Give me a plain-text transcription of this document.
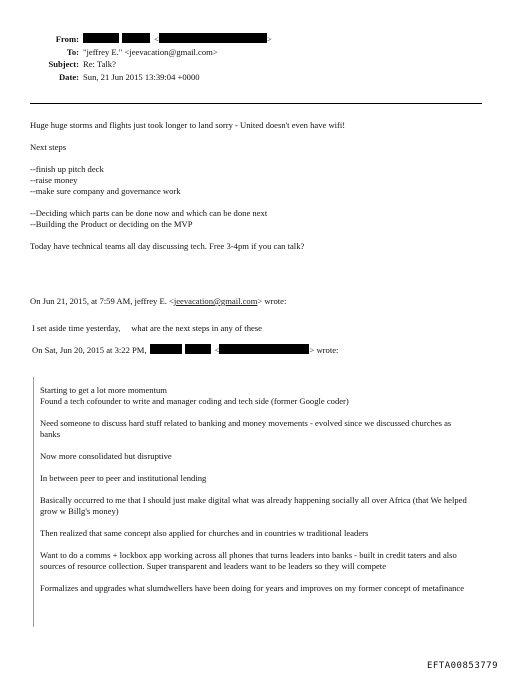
From:	<	>
To: "jeffrey E." <jeevacation@gmail.com>
Subject: Re: Talk?
Date: Sun, 21 Jun 2015 13:39:04 +0000

Huge huge storms and flights just took longer to land sorry - United doesn't even have wifi!

Next steps

--finish up pitch deck

--raise money

--make sure company and governance work

--Deciding which parts can be done now and which can be done next

--Building the Product or deciding on the MVP

Today have technical teams all day discussing tech. Free 3-4pm if you can talk?

On Jun 21, 2015, at 7:59 AM, jeffrey E. <jeevacation@gmail.com> wrote:

I set aside time yesterday,     what are the next steps in any of these

On Sat, Jun 20, 2015 at 3:22 PM,	<	> wrote:

Starting to get a lot more momentum

Found a tech cofounder to write and manager coding and tech side (former Google coder)

Need someone to discuss hard stuff related to banking and money movements - evolved since we discussed churches as banks

Now more consolidated but disruptive

In between peer to peer and institutional lending

Basically occurred to me that I should just make digital what was already happening socially all over Africa (that We helped grow w Billg's money)

Then realized that same concept also applied for churches and in countries w traditional leaders

Want to do a comms + lockbox app working across all phones that turns leaders into banks - built in credit taters and also sources of resource collection. Super transparent and leaders want to be leaders so they will compete

Formalizes and upgrades what slumdwellers have been doing for years and improves on my former concept of metafinance

EFTA00853779
